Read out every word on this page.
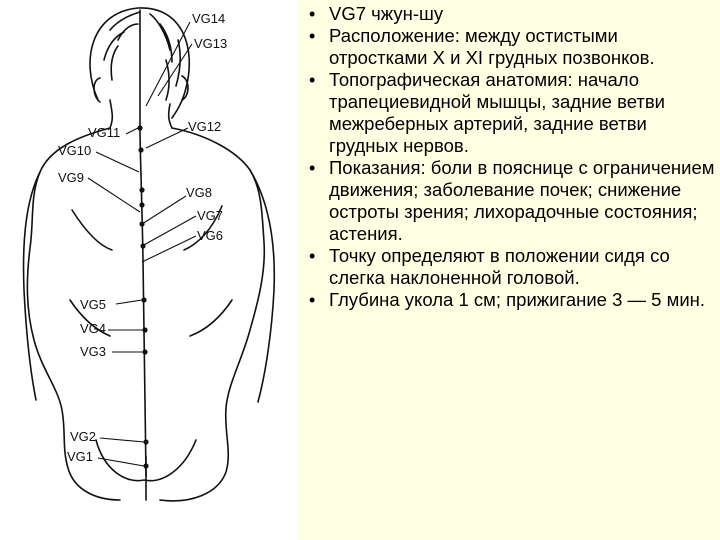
VG14
VG13
VG12
VG11
VG10
VG9
VG8
VG7
VG6
VG5
VG4
VG3
VG2
VG1
• VG7 чжун-шу
• Расположение: между остистыми отростками X и XI грудных позвонков.
• Топографическая анатомия: начало трапециевидной мышцы, задние ветви межреберных артерий, задние ветви грудных нервов.
• Показания: боли в пояснице с ограничением движения; заболевание почек; снижение остроты зрения; лихорадочные состояния; астения.
• Точку определяют в положении сидя со слегка наклоненной головой.
• Глубина укола 1 см; прижигание 3 — 5 мин.
